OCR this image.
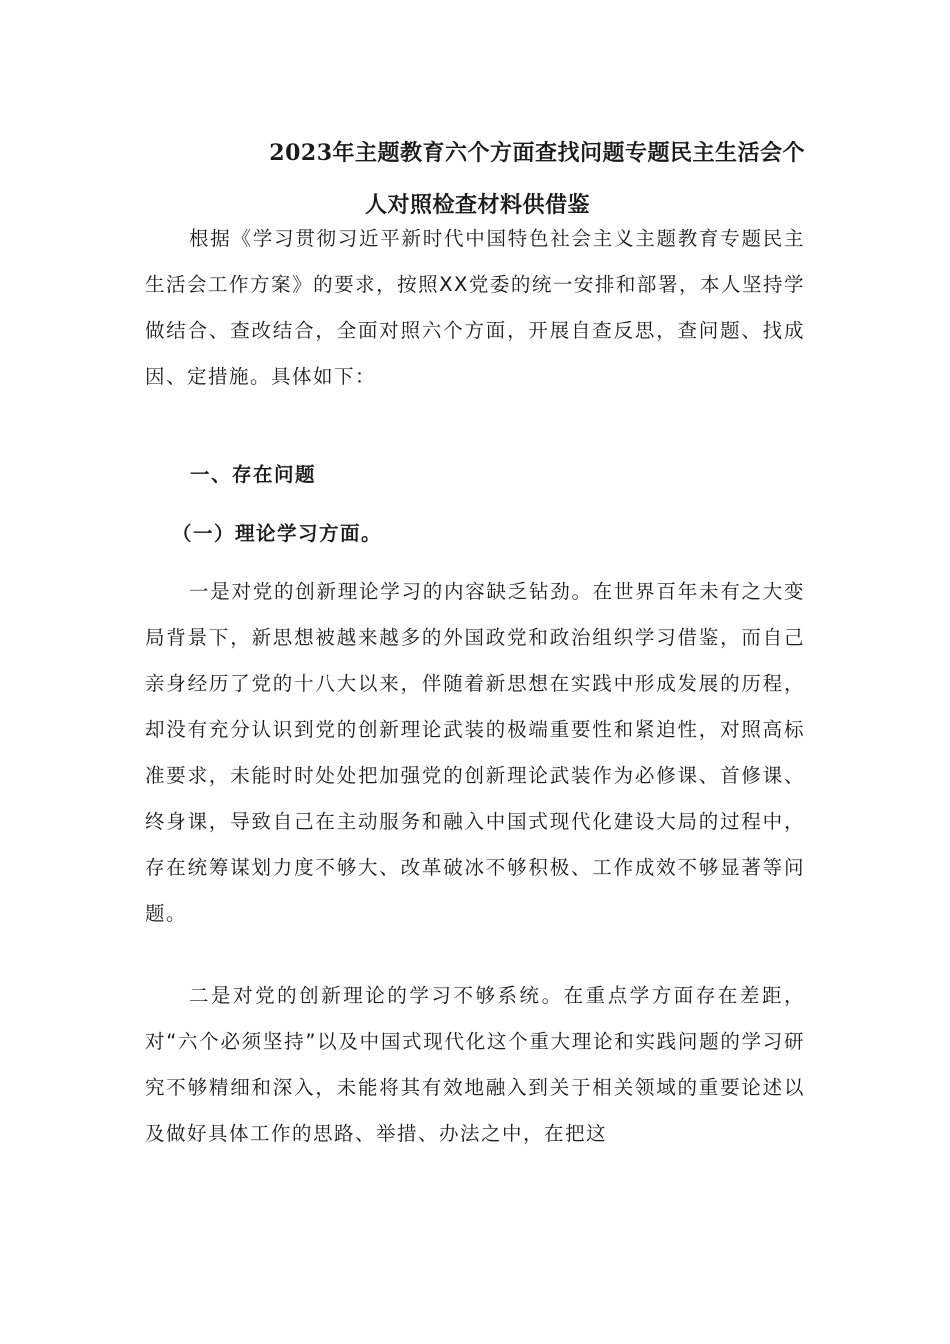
2023年主题教育六个方面查找问题专题民主生活会个
人对照检查材料供借鉴

根据《学习贯彻习近平新时代中国特色社会主义主题教育专题民主生活会工作方案》的要求，按照XX党委的统一安排和部署，本人坚持学做结合、查改结合，全面对照六个方面，开展自查反思，查问题、找成因、定措施。具体如下：

一、存在问题

（一）理论学习方面。

一是对党的创新理论学习的内容缺乏钻劲。在世界百年未有之大变局背景下，新思想被越来越多的外国政党和政治组织学习借鉴，而自己亲身经历了党的十八大以来，伴随着新思想在实践中形成发展的历程，却没有充分认识到党的创新理论武装的极端重要性和紧迫性，对照高标准要求，未能时时处处把加强党的创新理论武装作为必修课、首修课、终身课，导致自己在主动服务和融入中国式现代化建设大局的过程中，存在统筹谋划力度不够大、改革破冰不够积极、工作成效不够显著等问题。

二是对党的创新理论的学习不够系统。在重点学方面存在差距，对“六个必须坚持”以及中国式现代化这个重大理论和实践问题的学习研究不够精细和深入，未能将其有效地融入到关于相关领域的重要论述以及做好具体工作的思路、举措、办法之中，在把这
